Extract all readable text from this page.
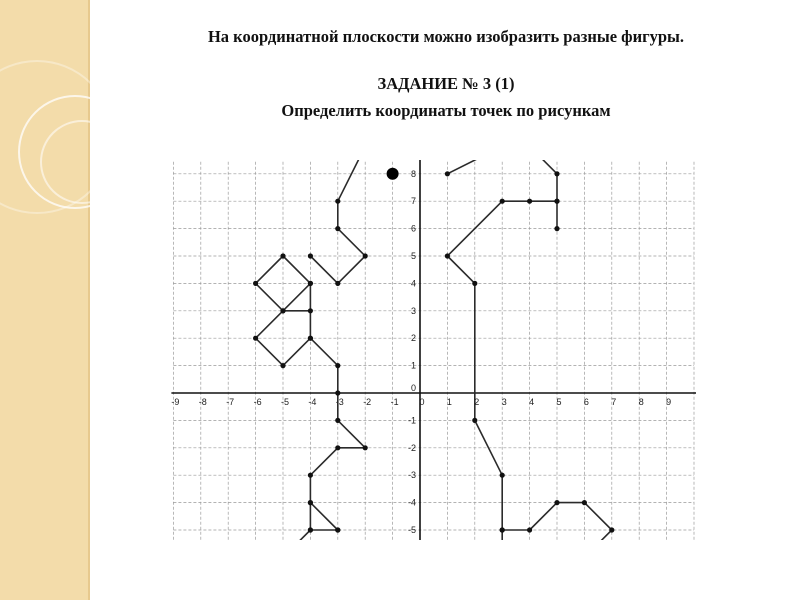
На координатной плоскости можно изобразить разные фигуры.
ЗАДАНИЕ № 3 (1)
Определить координаты точек по рисункам
-9 -8 -7 -6 -5 -4 -3 -2 -1 0 1 2 3 4 5 6 7 8 9
-5
-4
-3
-2
-1
0
1
2
3
4
5
6
7
8
